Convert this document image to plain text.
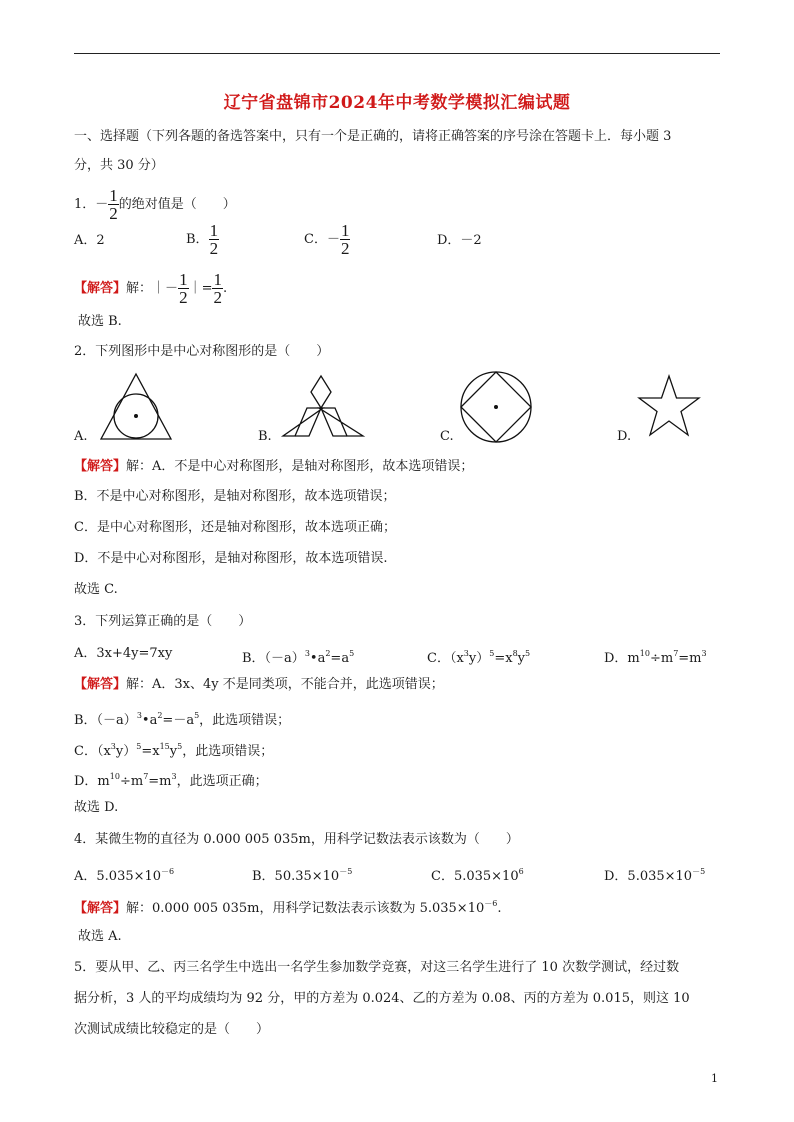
辽宁省盘锦市2024年中考数学模拟汇编试题
一、选择题（下列各题的备选答案中，只有一个是正确的，请将正确答案的序号涂在答题卡上．每小题 3
分，共 30 分）
1．－ $\frac{1}{2}$ 的绝对值是（　　）
A．2	B． $\frac{1}{2}$	C．－ $\frac{1}{2}$	D．－2
【解答】解：｜－ $\frac{1}{2}$ ｜= $\frac{1}{2}$ .
故选 B.
2．下列图形中是中心对称图形的是（　　）
A.	B.	C.	D.
【解答】解：A．不是中心对称图形，是轴对称图形，故本选项错误；
B．不是中心对称图形，是轴对称图形，故本选项错误；
C．是中心对称图形，还是轴对称图形，故本选项正确；
D．不是中心对称图形，是轴对称图形，故本选项错误.
故选 C.
3．下列运算正确的是（　　）
A．3x+4y=7xy	B．$(-a)^3•a^2=a^5$	C．$(x^3y)^5=x^8y^5$	D．$m^{10}\div m^7=m^3$
【解答】解：A．3x、4y 不是同类项，不能合并，此选项错误；
B．$(-a)^3•a^2=-a^5$，此选项错误；
C．$(x^3y)^5=x^{15}y^5$，此选项错误；
D．$m^{10}\div m^7=m^3$，此选项正确；
故选 D.
4．某微生物的直径为 0.000 005 035m，用科学记数法表示该数为（　　）
A．$5.035\times 10^{-6}$	B．$50.35\times 10^{-5}$	C．$5.035\times 10^6$	D．$5.035\times 10^{-5}$
【解答】解：0.000 005 035m，用科学记数法表示该数为 $5.035\times 10^{-6}$.
故选 A.
5．要从甲、乙、丙三名学生中选出一名学生参加数学竞赛，对这三名学生进行了 10 次数学测试，经过数
据分析，3 人的平均成绩均为 92 分，甲的方差为 0.024、乙的方差为 0.08、丙的方差为 0.015，则这 10
次测试成绩比较稳定的是（　　）
1
